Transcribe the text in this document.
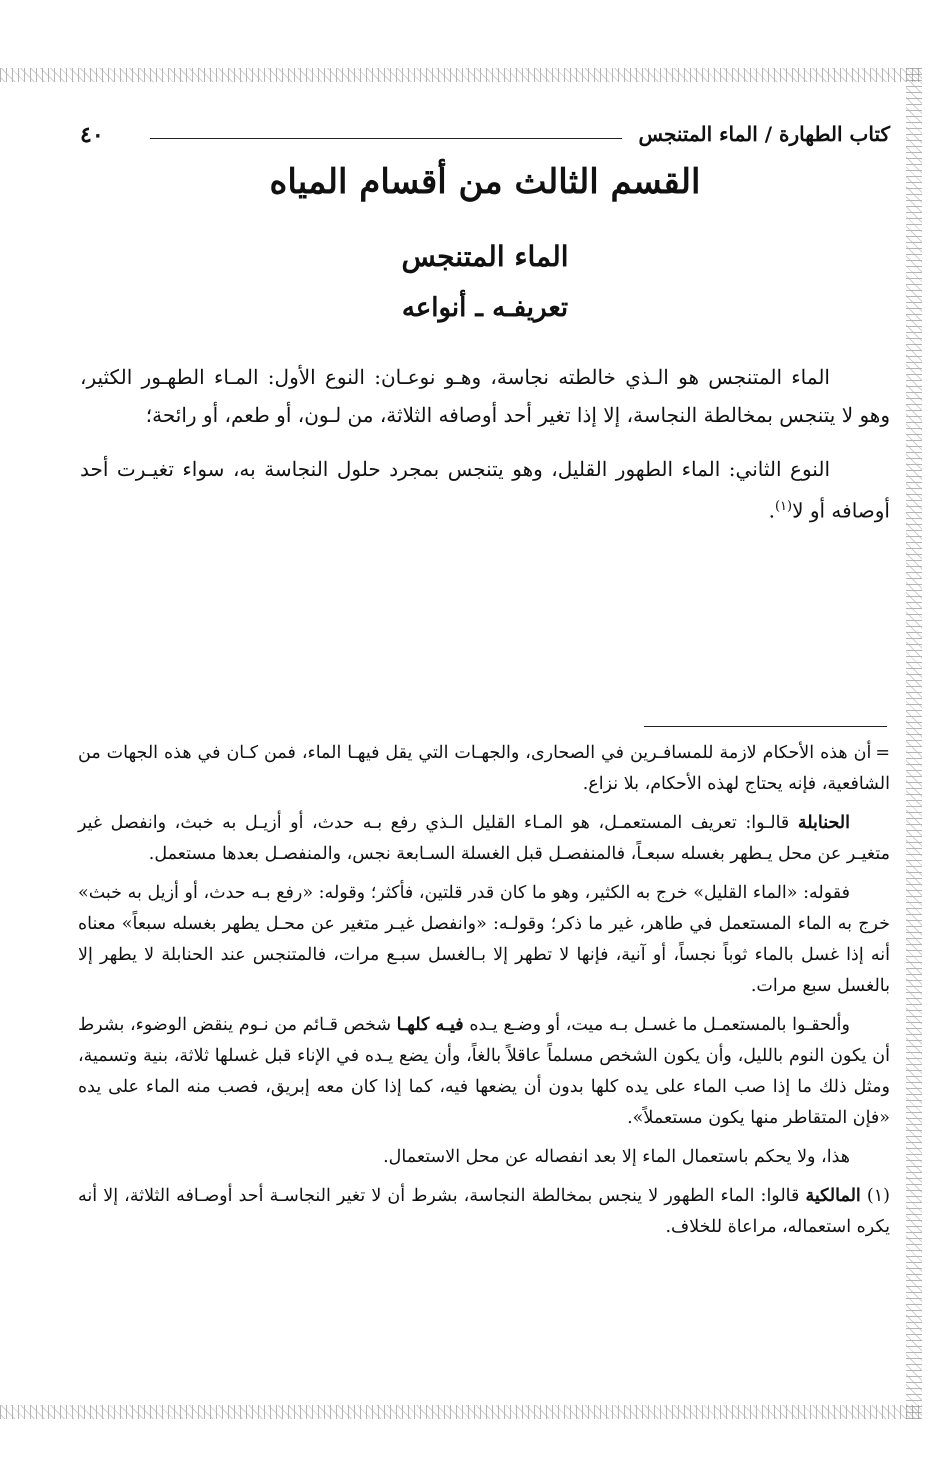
كتاب الطهارة / الماء المتنجس
٤٠
القسم الثالث من أقسام المياه
الماء المتنجس
تعريفـه ـ أنواعه

الماء المتنجس هو الـذي خالطته نجاسة، وهـو نوعـان: النوع الأول: المـاء الطهـور الكثير، وهو لا يتنجس بمخالطة النجاسة، إلا إذا تغير أحد أوصافه الثلاثة، من لـون، أو طعم، أو رائحة؛

النوع الثاني: الماء الطهور القليل، وهو يتنجس بمجرد حلول النجاسة به، سواء تغيـرت أحد أوصافه أو لا$^{(١)}$.

=أن هذه الأحكام لازمة للمسافـرين في الصحارى، والجهـات التي يقل فيهـا الماء، فمن كـان في هذه الجهات من الشافعية، فإنه يحتاج لهذه الأحكام، بلا نزاع.

الحنابلة قالـوا: تعريف المستعمـل، هو المـاء القليل الـذي رفع بـه حدث، أو أزيـل به خبث، وانفصل غير متغيـر عن محل يـطهر بغسله سبعـاً، فالمنفصـل قبل الغسلة السـابعة نجس، والمنفصـل بعدها مستعمل.

فقوله: «الماء القليل» خرج به الكثير، وهو ما كان قدر قلتين، فأكثر؛ وقوله: «رفع بـه حدث، أو أزيل به خبث» خرج به الماء المستعمل في طاهر، غير ما ذكر؛ وقولـه: «وانفصل غيـر متغير عن محـل يطهر بغسله سبعاً» معناه أنه إذا غسل بالماء ثوباً نجساً، أو آنية، فإنها لا تطهر إلا بـالغسل سبـع مرات، فالمتنجس عند الحنابلة لا يطهر إلا بالغسل سبع مرات.

وألحقـوا بالمستعمـل ما غسـل بـه ميت، أو وضـع يـده فيـه كلهـا شخص قـائم من نـوم ينقض الوضوء، بشرط أن يكون النوم بالليل، وأن يكون الشخص مسلماً عاقلاً بالغاً، وأن يضع يـده في الإناء قبل غسلها ثلاثة، بنية وتسمية، ومثل ذلك ما إذا صب الماء على يده كلها بدون أن يضعها فيه، كما إذا كان معه إبريق، فصب منه الماء على يده «فإن المتقاطر منها يكون مستعملاً».

هذا، ولا يحكم باستعمال الماء إلا بعد انفصاله عن محل الاستعمال.

(١) المالكية قالوا: الماء الطهور لا ينجس بمخالطة النجاسة، بشرط أن لا تغير النجاسـة أحد أوصـافه الثلاثة، إلا أنه يكره استعماله، مراعاة للخلاف.
